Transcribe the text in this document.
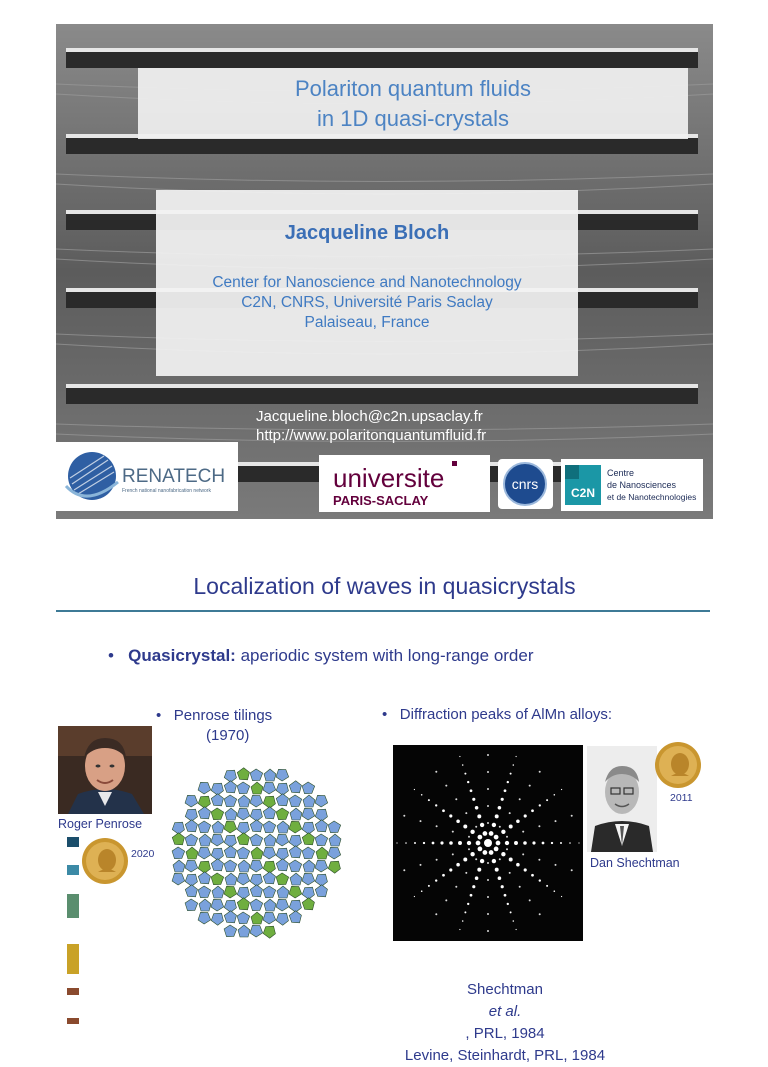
Polariton quantum fluids
in 1D quasi-crystals
Jacqueline Bloch
Center for Nanoscience and Nanotechnology
C2N, CNRS, Université Paris Saclay
Palaiseau, France
Jacqueline.bloch@c2n.upsaclay.fr
http://www.polaritonquantumfluid.fr
RENATECH
French national nanofabrication network	universite
PARIS-SACLAY
cnrs
C2N
Centre
de Nanosciences
et de Nanotechnologies
Localization of waves in quasicrystals
• Quasicrystal: aperiodic system with long-range order
• Penrose tilings
(1970)
• Diffraction peaks of AlMn alloys:
Roger Penrose
2020
2011
Dan Shechtman
Shechtman
et al.
, PRL, 1984
Levine, Steinhardt, PRL, 1984
